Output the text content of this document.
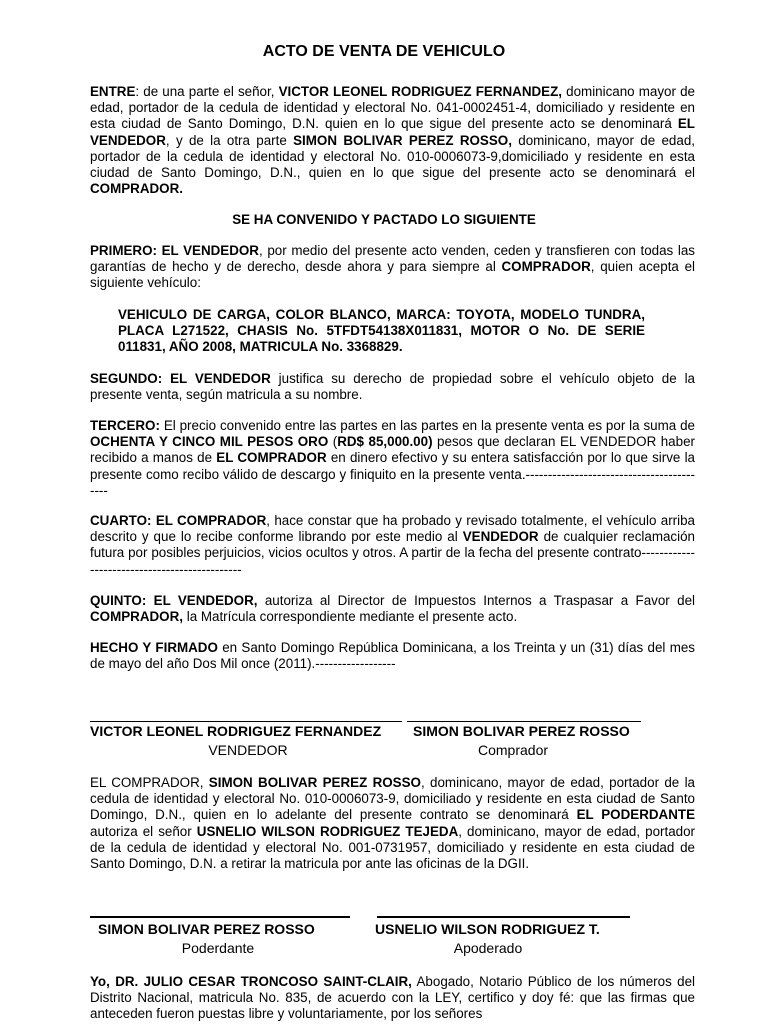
ACTO DE VENTA DE VEHICULO

ENTRE: de una parte el señor, VICTOR LEONEL RODRIGUEZ FERNANDEZ, dominicano mayor de edad, portador de la cedula de identidad y electoral No. 041-0002451-4, domiciliado y residente en esta ciudad de Santo Domingo, D.N. quien en lo que sigue del presente acto se denominará EL VENDEDOR, y de la otra parte SIMON BOLIVAR PEREZ ROSSO, dominicano, mayor de edad, portador de la cedula de identidad y electoral No. 010-0006073-9,domiciliado y residente en esta ciudad de Santo Domingo, D.N., quien en lo que sigue del presente acto se denominará el COMPRADOR.

SE HA CONVENIDO Y PACTADO LO SIGUIENTE

PRIMERO: EL VENDEDOR, por medio del presente acto venden, ceden y transfieren con todas las garantías de hecho y de derecho, desde ahora y para siempre al COMPRADOR, quien acepta el siguiente vehículo:

VEHICULO DE CARGA, COLOR BLANCO, MARCA: TOYOTA, MODELO TUNDRA, PLACA L271522, CHASIS No. 5TFDT54138X011831, MOTOR O No. DE SERIE 011831, AÑO 2008, MATRICULA No. 3368829.

SEGUNDO: EL VENDEDOR justifica su derecho de propiedad sobre el vehículo objeto de la presente venta, según matricula a su nombre.

TERCERO: El precio convenido entre las partes en las partes en la presente venta es por la suma de OCHENTA Y CINCO MIL PESOS ORO (RD$ 85,000.00) pesos que declaran EL VENDEDOR haber recibido a manos de EL COMPRADOR en dinero efectivo y su entera satisfacción por lo que sirve la presente como recibo válido de descargo y finiquito en la presente venta.------------------------------------------

CUARTO: EL COMPRADOR, hace constar que ha probado y revisado totalmente, el vehículo arriba descrito y que lo recibe conforme librando por este medio al VENDEDOR de cualquier reclamación futura por posibles perjuicios, vicios ocultos y otros. A partir de la fecha del presente contrato----------------------------------------------

QUINTO: EL VENDEDOR, autoriza al Director de Impuestos Internos a Traspasar a Favor del COMPRADOR, la Matrícula correspondiente mediante el presente acto.

HECHO Y FIRMADO en Santo Domingo República Dominicana, a los Treinta y un (31) días del mes de mayo del año Dos Mil once (2011).------------------

VICTOR LEONEL RODRIGUEZ FERNANDEZ SIMON BOLIVAR PEREZ ROSSO
VENDEDOR	Comprador

EL COMPRADOR, SIMON BOLIVAR PEREZ ROSSO, dominicano, mayor de edad, portador de la cedula de identidad y electoral No. 010-0006073-9, domiciliado y residente en esta ciudad de Santo Domingo, D.N., quien en lo adelante del presente contrato se denominará EL PODERDANTE autoriza el señor USNELIO WILSON RODRIGUEZ TEJEDA, dominicano, mayor de edad, portador de la cedula de identidad y electoral No. 001-0731957, domiciliado y residente en esta ciudad de Santo Domingo, D.N. a retirar la matricula por ante las oficinas de la DGII.

SIMON BOLIVAR PEREZ ROSSO	USNELIO WILSON RODRIGUEZ T.
Poderdante	Apoderado

Yo, DR. JULIO CESAR TRONCOSO SAINT-CLAIR, Abogado, Notario Público de los números del Distrito Nacional, matricula No. 835, de acuerdo con la LEY, certifico y doy fé: que las firmas que anteceden fueron puestas libre y voluntariamente, por los señores
